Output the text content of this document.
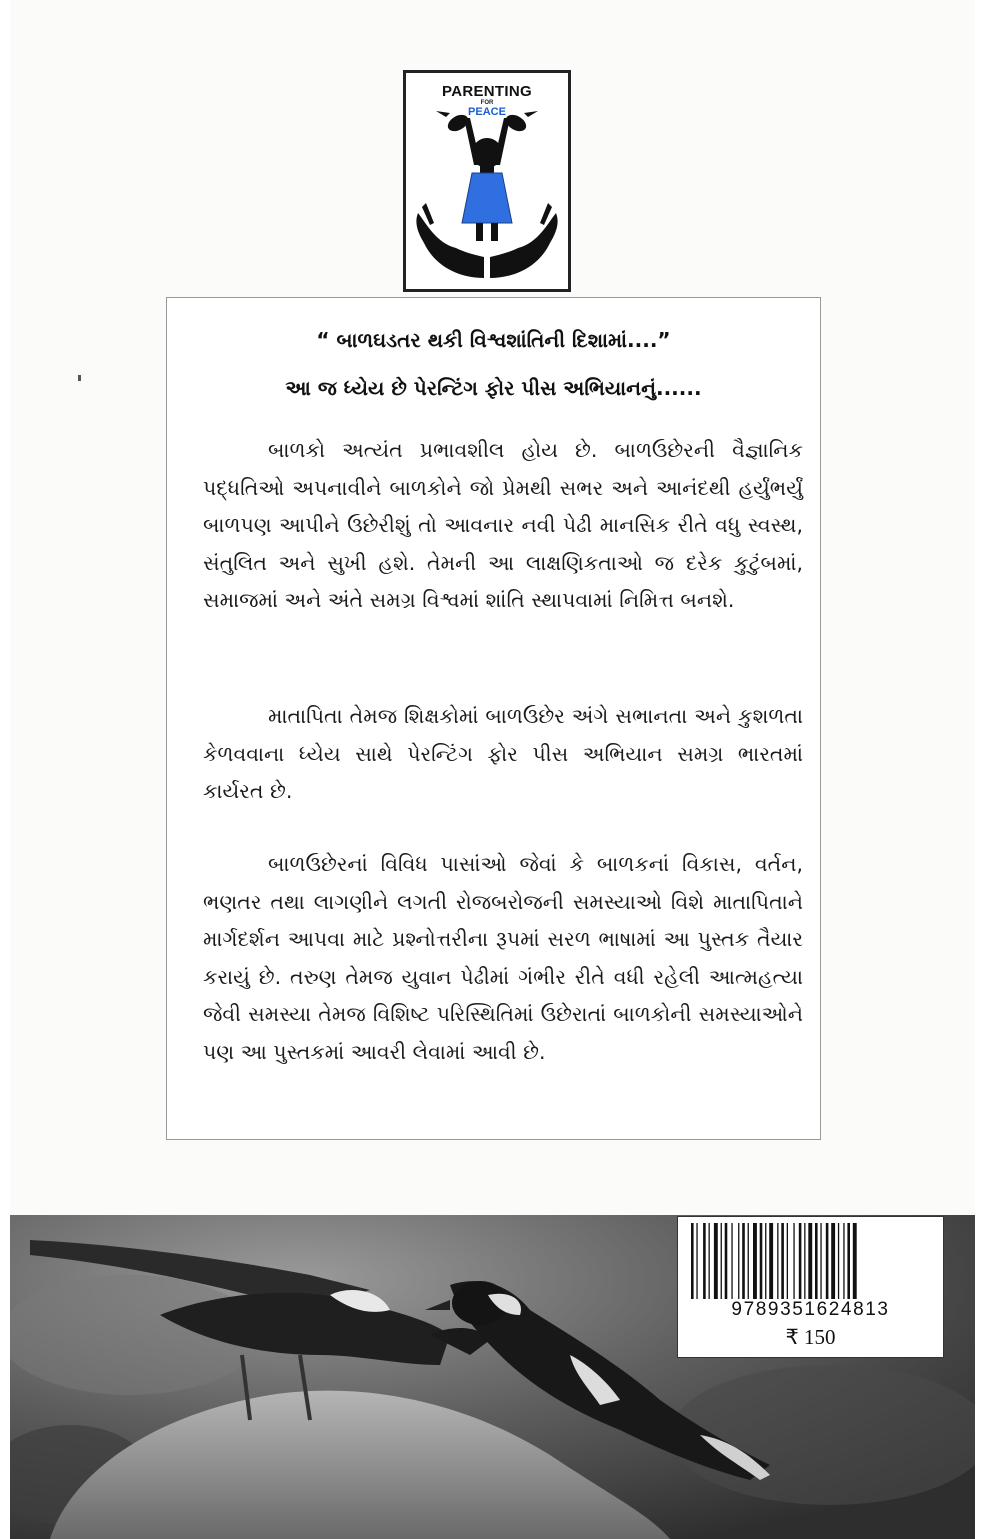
PARENTING
FOR
PEACE
“ બાળઘડતર થકી વિશ્વશાંતિની દિશામાં....”
આ જ ધ્યેય છે પેરન્ટિંગ ફોર પીસ અભિયાનનું......

બાળકો અત્યંત પ્રભાવશીલ હોય છે. બાળઉછેરની વૈજ્ઞાનિક પદ્ધતિઓ અપનાવીને બાળકોને જો પ્રેમથી સભર અને આનંદથી હર્યુંભર્યું બાળપણ આપીને ઉછેરીશું તો આવનાર નવી પેઢી માનસિક રીતે વધુ સ્વસ્થ, સંતુલિત અને સુખી હશે. તેમની આ લાક્ષણિકતાઓ જ દરેક કુટુંબમાં, સમાજમાં અને અંતે સમગ્ર વિશ્વમાં શાંતિ સ્થાપવામાં નિમિત્ત બનશે.

માતાપિતા તેમજ શિક્ષકોમાં બાળઉછેર અંગે સભાનતા અને કુશળતા કેળવવાના ધ્યેય સાથે પેરન્ટિંગ ફોર પીસ અભિયાન સમગ્ર ભારતમાં કાર્યરત છે.

બાળઉછેરનાં વિવિધ પાસાંઓ જેવાં કે બાળકનાં વિકાસ, વર્તન, ભણતર તથા લાગણીને લગતી રોજબરોજની સમસ્યાઓ વિશે માતાપિતાને માર્ગદર્શન આપવા માટે પ્રશ્નોત્તરીના રૂપમાં સરળ ભાષામાં આ પુસ્તક તૈયાર કરાયું છે. તરુણ તેમજ યુવાન પેઢીમાં ગંભીર રીતે વધી રહેલી આત્મહત્યા જેવી સમસ્યા તેમજ વિશિષ્ટ પરિસ્થિતિમાં ઉછેરાતાં બાળકોની સમસ્યાઓને પણ આ પુસ્તકમાં આવરી લેવામાં આવી છે.

9789351624813
₹ 150
